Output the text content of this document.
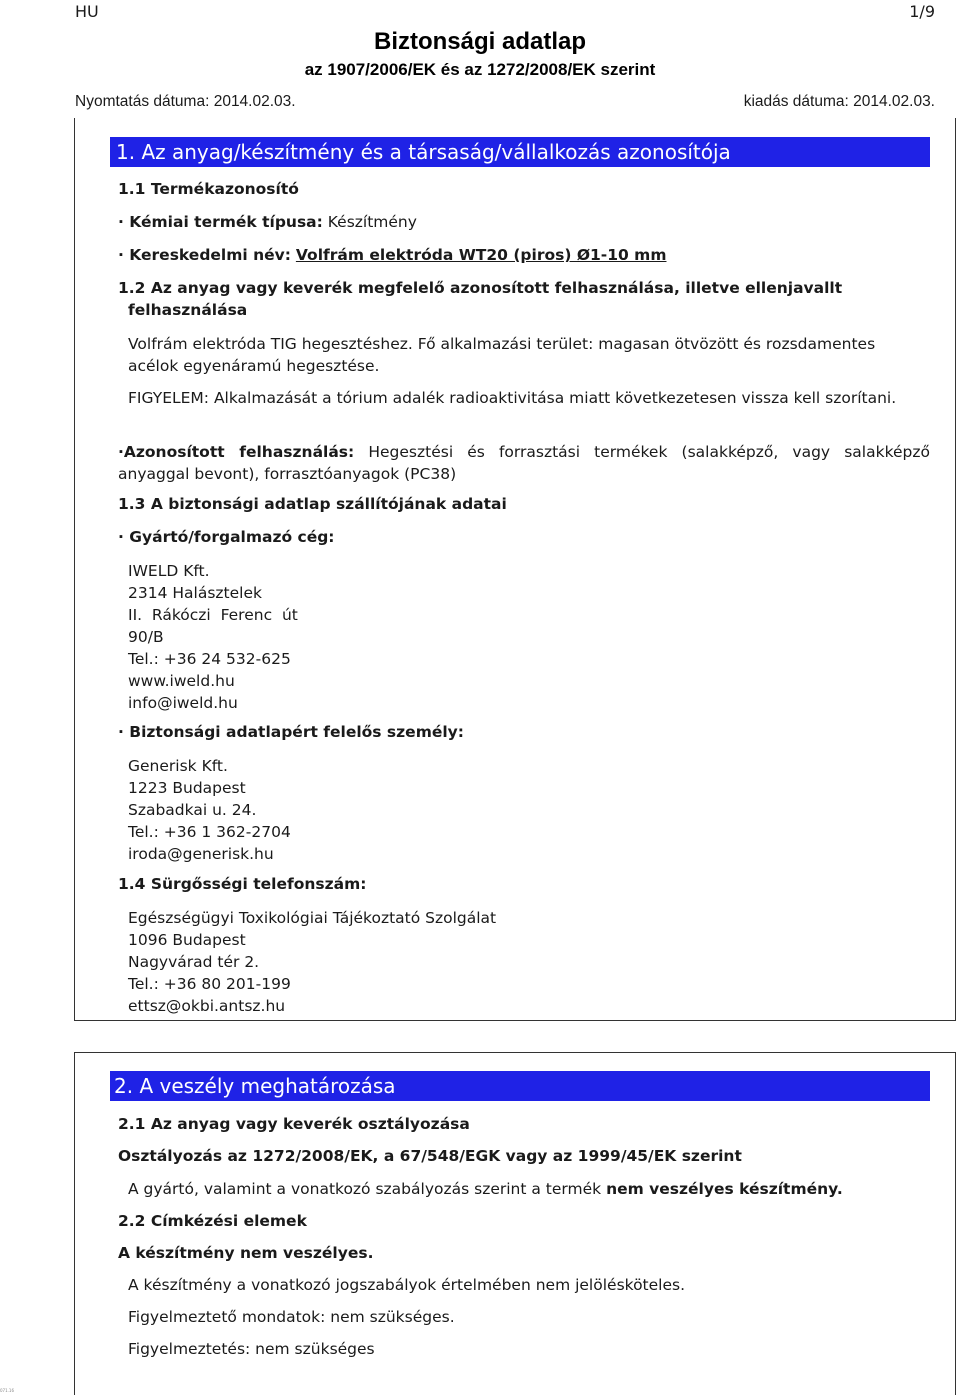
HU	1/9
Biztonsági adatlap
az 1907/2006/EK és az 1272/2008/EK szerint
Nyomtatás dátuma: 2014.02.03.	kiadás dátuma: 2014.02.03.
1. Az anyag/készítmény és a társaság/vállalkozás azonosítója
1.1 Termékazonosító
· Kémiai termék típusa: Készítmény
· Kereskedelmi név: Volfrám elektróda WT20 (piros) Ø1-10 mm
1.2 Az anyag vagy keverék megfelelő azonosított felhasználása, illetve ellenjavallt
felhasználása
Volfrám elektróda TIG hegesztéshez. Fő alkalmazási terület: magasan ötvözött és rozsdamentes acélok egyenáramú hegesztése.
FIGYELEM: Alkalmazását a tórium adalék radioaktivitása miatt következetesen vissza kell szorítani.
·Azonosított felhasználás: Hegesztési és forrasztási termékek (salakképző, vagy salakképző
anyaggal bevont), forrasztóanyagok (PC38)
1.3 A biztonsági adatlap szállítójának adatai
· Gyártó/forgalmazó cég:
IWELD Kft.
2314 Halásztelek
II.  Rákóczi  Ferenc  út
90/B
Tel.: +36 24 532-625
www.iweld.hu
info@iweld.hu
· Biztonsági adatlapért felelős személy:
Generisk Kft.
1223 Budapest
Szabadkai u. 24.
Tel.: +36 1 362-2704
iroda@generisk.hu
1.4 Sürgősségi telefonszám:
Egészségügyi Toxikológiai Tájékoztató Szolgálat
1096 Budapest
Nagyvárad tér 2.
Tel.: +36 80 201-199
ettsz@okbi.antsz.hu
2. A veszély meghatározása
2.1 Az anyag vagy keverék osztályozása
Osztályozás az 1272/2008/EK, a 67/548/EGK vagy az 1999/45/EK szerint
A gyártó, valamint a vonatkozó szabályozás szerint a termék nem veszélyes készítmény.
2.2 Címkézési elemek
A készítmény nem veszélyes.
A készítmény a vonatkozó jogszabályok értelmében nem jelölésköteles.
Figyelmeztető mondatok: nem szükséges.
Figyelmeztetés: nem szükséges
071.16
